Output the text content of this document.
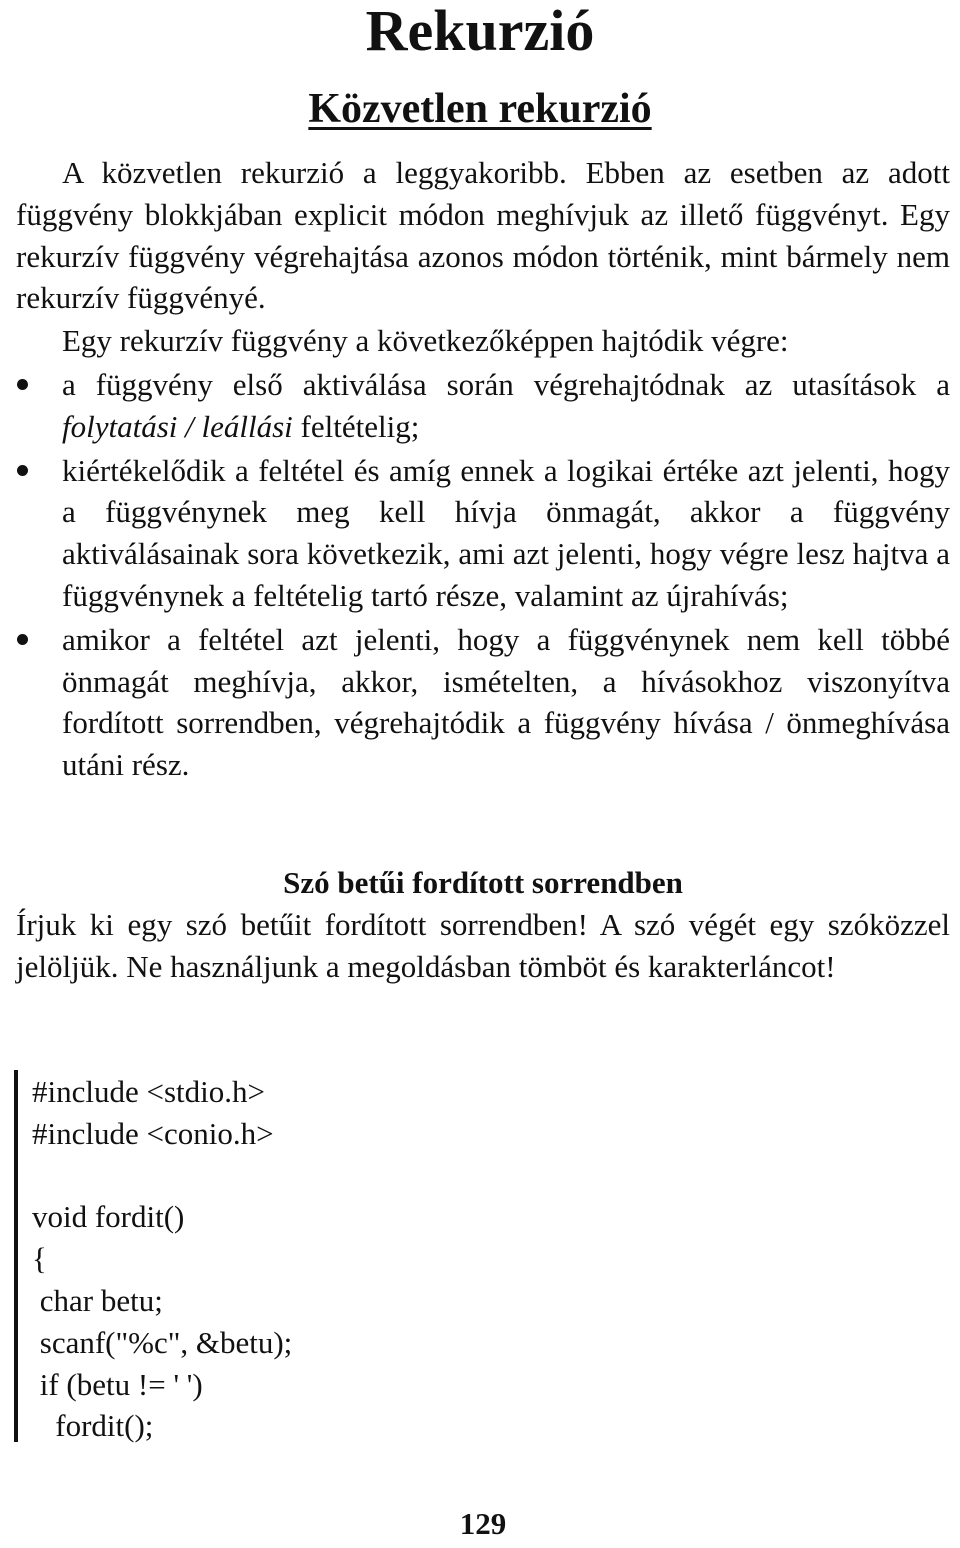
Rekurzió
Közvetlen rekurzió

A közvetlen rekurzió a leggyakoribb. Ebben az esetben az adott függvény blokkjában explicit módon meghívjuk az illető függvényt. Egy rekurzív függvény végrehajtása azonos módon történik, mint bármely nem rekurzív függvényé.

Egy rekurzív függvény a következőképpen hajtódik végre:

a függvény első aktiválása során végrehajtódnak az utasítások a folytatási / leállási feltételig;
kiértékelődik a feltétel és amíg ennek a logikai értéke azt jelenti, hogy a függvénynek meg kell hívja önmagát, akkor a függvény aktiválásainak sora következik, ami azt jelenti, hogy végre lesz hajtva a függvénynek a feltételig tartó része, valamint az újrahívás;
amikor a feltétel azt jelenti, hogy a függvénynek nem kell többé önmagát meghívja, akkor, ismételten, a hívásokhoz viszonyítva fordított sorrendben, végrehajtódik a függvény hívása / önmeghívása utáni rész.
Szó betűi fordított sorrendben

Írjuk ki egy szó betűit fordított sorrendben! A szó végét egy szóközzel jelöljük. Ne használjunk a megoldásban tömböt és karakterláncot!

#include <stdio.h>
#include <conio.h>
void fordit()
{
char betu;
scanf("%c", &betu);
if (betu != ' ')
fordit();
129
